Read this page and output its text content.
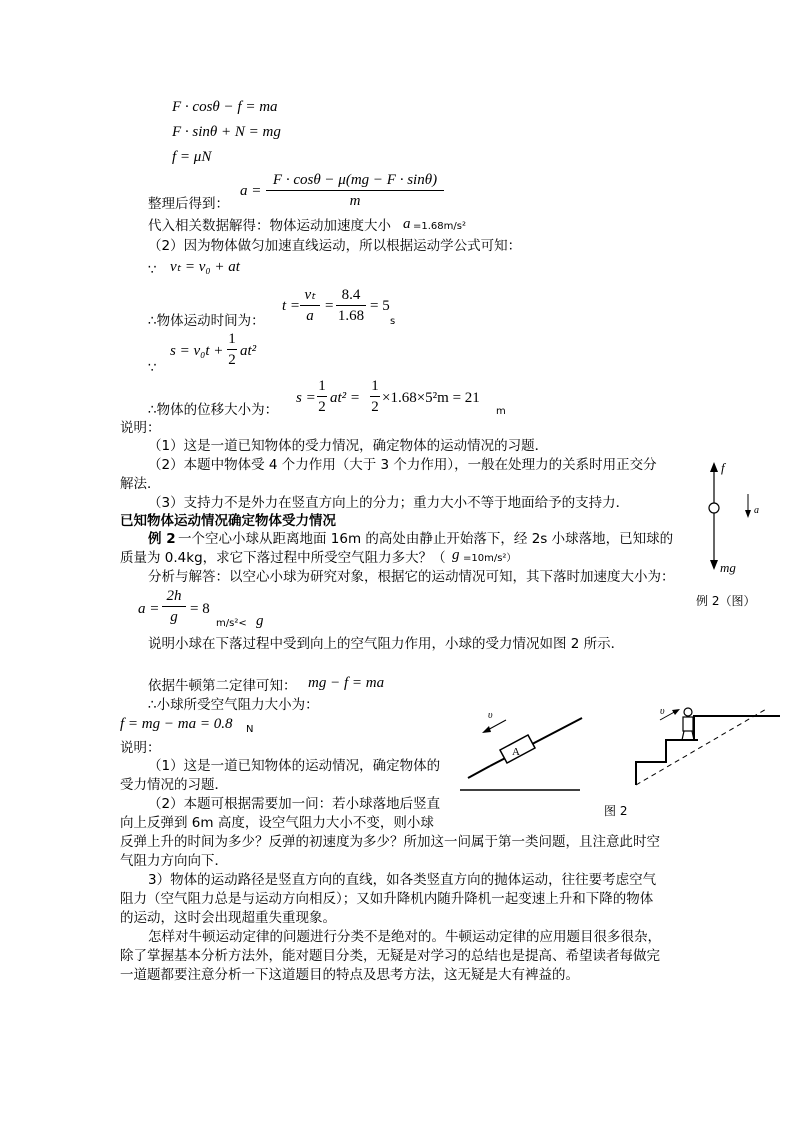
F · cosθ − f = ma
F · sinθ + N = mg
f = μN
整理后得到：
a =
F · cosθ − μ(mg − F · sinθ)
m
代入相关数据解得：物体运动加速度大小 a =1.68m/s²
（2）因为物体做匀加速直线运动，所以根据运动学公式可知：
∵ vₜ = v₀ + at
∴物体运动时间为：
t =
vₜ
a
=
8.4
1.68
= 5
s
∵
s = v₀t +
1
2
at²
∴物体的位移大小为：
s =
1
2
at² =
1
2
×1.68×5²m = 21
m
说明：
（1）这是一道已知物体的受力情况，确定物体的运动情况的习题．
（2）本题中物体受 4 个力作用（大于 3 个力作用），一般在处理力的关系时用正交分
解法．
（3）支持力不是外力在竖直方向上的分力；重力大小不等于地面给予的支持力．
已知物体运动情况确定物体受力情况
例 2 一个空心小球从距离地面 16m 的高处由静止开始落下，经 2s 小球落地，已知球的
质量为 0.4kg，求它下落过程中所受空气阻力多大？（ g =10m/s²）
分析与解答：以空心小球为研究对象，根据它的运动情况可知，其下落时加速度大小为：
a =
2h
g = 8
m/s²< g
说明小球在下落过程中受到向上的空气阻力作用，小球的受力情况如图 2 所示．
依据牛顿第二定律可知： mg − f = ma
∴小球所受空气阻力大小为：
f = mg − ma = 0.8 N
说明：
（1）这是一道已知物体的运动情况，确定物体的
受力情况的习题．
（2）本题可根据需要加一问：若小球落地后竖直
向上反弹到 6m 高度，设空气阻力大小不变，则小球
反弹上升的时间为多少？反弹的初速度为多少？所加这一问属于第一类问题，且注意此时空
气阻力方向向下．
3）物体的运动路径是竖直方向的直线，如各类竖直方向的抛体运动，往往要考虑空气
阻力（空气阻力总是与运动方向相反）；又如升降机内随升降机一起变速上升和下降的物体
的运动，这时会出现超重失重现象。
怎样对牛顿运动定律的问题进行分类不是绝对的。牛顿运动定律的应用题目很多很杂，
除了掌握基本分析方法外，能对题目分类，无疑是对学习的总结也是提高、希望读者每做完
一道题都要注意分析一下这道题目的特点及思考方法，这无疑是大有裨益的。
f
a
mg
例 2（图）
A
υ	υ
图 2
